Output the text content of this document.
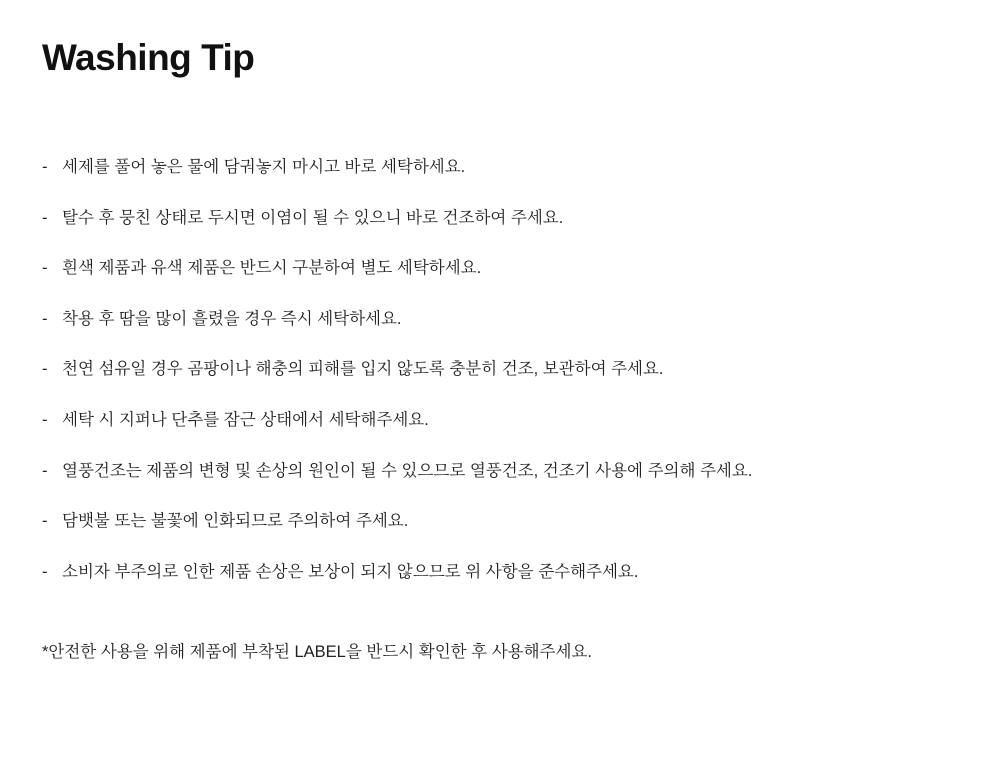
Washing Tip
- 세제를 풀어 놓은 물에 담궈놓지 마시고 바로 세탁하세요.
- 탈수 후 뭉친 상태로 두시면 이염이 될 수 있으니 바로 건조하여 주세요.
- 흰색 제품과 유색 제품은 반드시 구분하여 별도 세탁하세요.
- 착용 후 땀을 많이 흘렸을 경우 즉시 세탁하세요.
- 천연 섬유일 경우 곰팡이나 해충의 피해를 입지 않도록 충분히 건조, 보관하여 주세요.
- 세탁 시 지퍼나 단추를 잠근 상태에서 세탁해주세요.
- 열풍건조는 제품의 변형 및 손상의 원인이 될 수 있으므로 열풍건조, 건조기 사용에 주의해 주세요.
- 담뱃불 또는 불꽃에 인화되므로 주의하여 주세요.
- 소비자 부주의로 인한 제품 손상은 보상이 되지 않으므로 위 사항을 준수해주세요.
*안전한 사용을 위해 제품에 부착된 LABEL을 반드시 확인한 후 사용해주세요.
